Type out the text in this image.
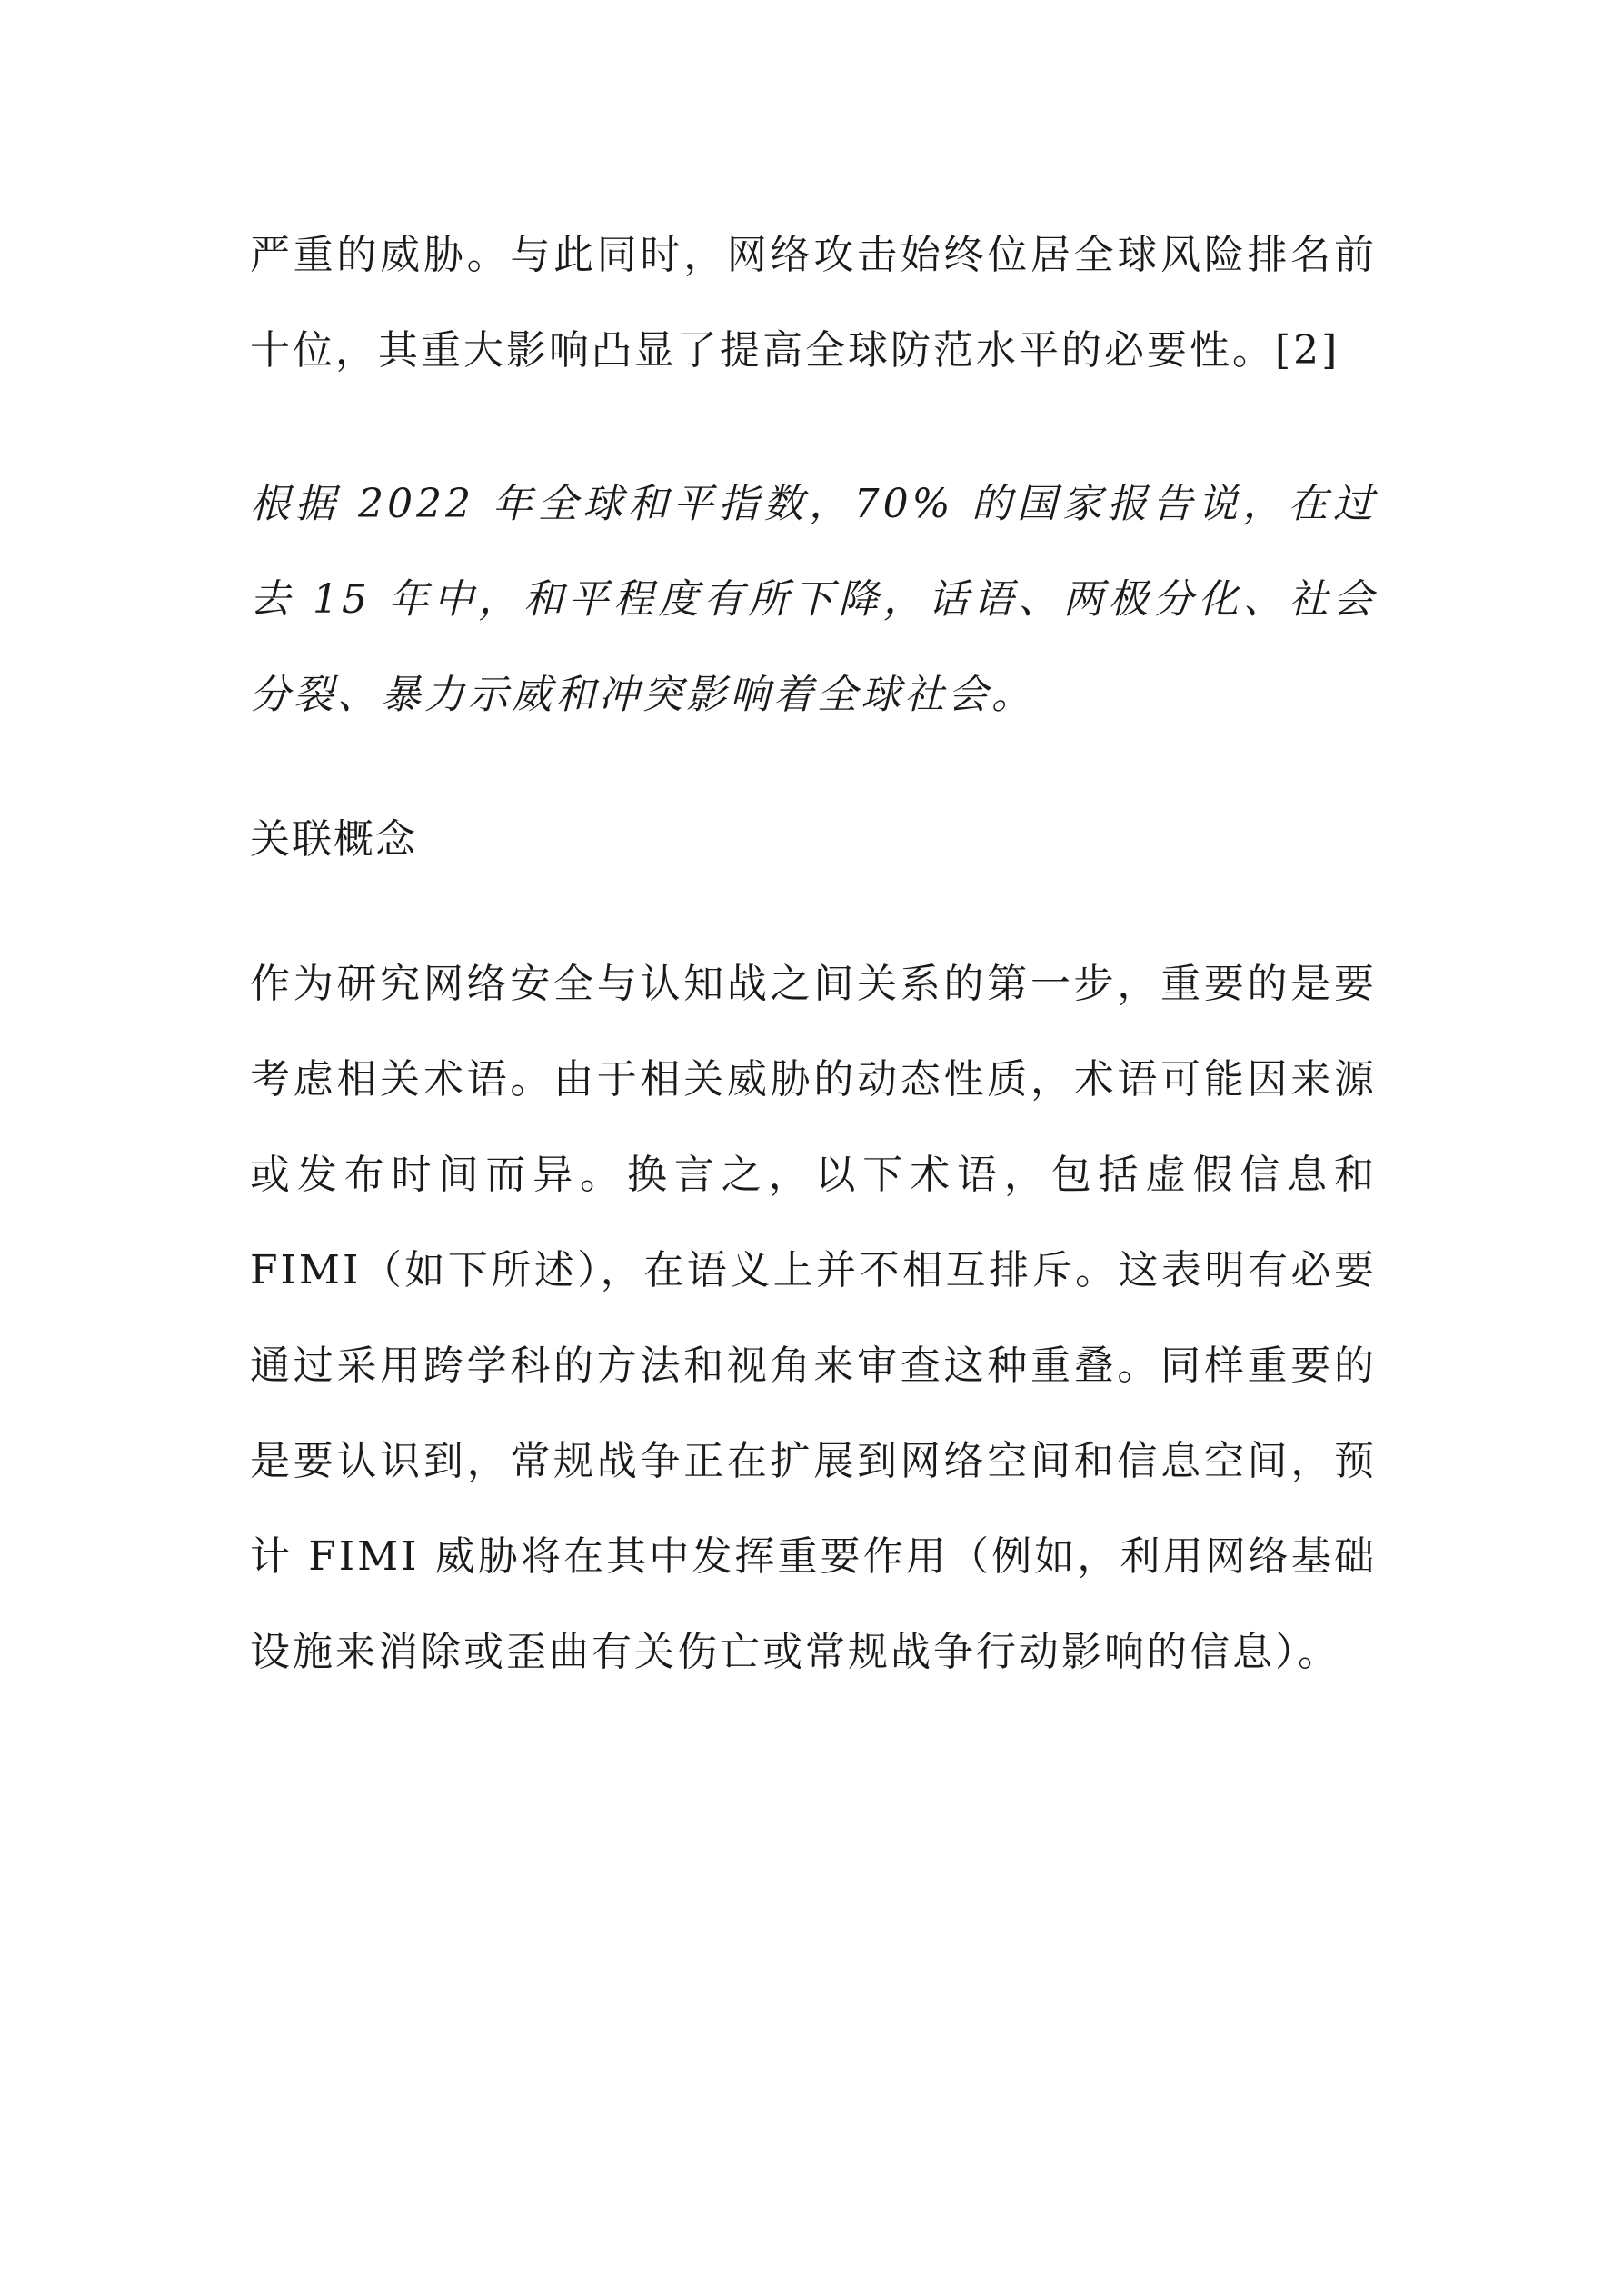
严重的威胁。与此同时，网络攻击始终位居全球风险排名前十位，其重大影响凸显了提高全球防范水平的必要性。[2]

根据 2022 年全球和平指数，70% 的国家报告说，在过去 15 年中，和平程度有所下降，话语、两极分化、社会分裂、暴力示威和冲突影响着全球社会。

关联概念

作为研究网络安全与认知战之间关系的第一步，重要的是要考虑相关术语。由于相关威胁的动态性质，术语可能因来源或发布时间而异。换言之，以下术语，包括虚假信息和 FIMI（如下所述），在语义上并不相互排斥。这表明有必要通过采用跨学科的方法和视角来审查这种重叠。同样重要的是要认识到，常规战争正在扩展到网络空间和信息空间，预计 FIMI 威胁将在其中发挥重要作用（例如，利用网络基础设施来消除或歪曲有关伤亡或常规战争行动影响的信息）。
